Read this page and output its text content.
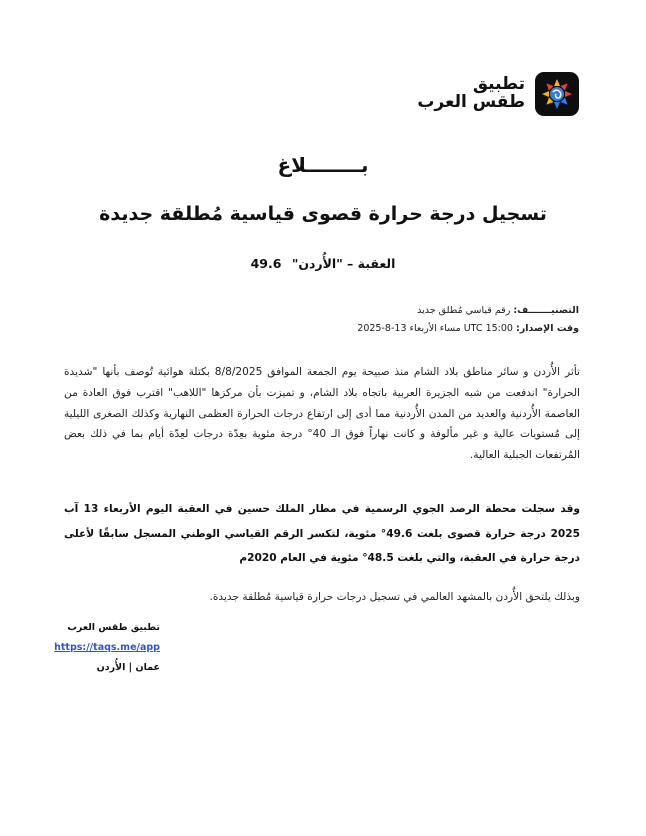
تطبيق
طقس العرب
بــــــــلاغ
تسجيل درجة حرارة قصوى قياسية مُطلقة جديدة
العقبة – "الأُردن" 49.6
التصنيـــــــف: رقم قياسي مُطلق جديد
وقت الإصدار: UTC 15:00 مساء الأربعاء 13-8-2025

تأثر الأُردن و سائر مناطق بلاد الشام منذ صبيحة يوم الجمعة الموافق 8/8/2025 بكتلة هوائية تُوصف بأنها "شديدة الحرارة" اندفعت من شبه الجزيرة العربية باتجاه بلاد الشام، و تميزت بأن مركزها "اللاهب" اقترب فوق العادة من العاصمة الأُردنية والعديد من المدن الأُردنية مما أدى إلى ارتفاع درجات الحرارة العظمى النهارية وكذلك الصغرى الليلية إلى مُستويات عالية و غير مألوفة و كانت نهاراً فوق الـ 40° درجة مئوية بعِدّة درجات لعِدّة أيام بما في ذلك بعض المُرتفعات الجبلية العالية.

وقد سجلت محطة الرصد الجوي الرسمية في مطار الملك حسين في العقبة اليوم الأربعاء 13 آب 2025 درجة حرارة قصوى بلغت 49.6° مئوية، لتكسر الرقم القياسي الوطني المسجل سابقًا لأعلى درجة حرارة في العقبة، والتي بلغت 48.5° مئوية في العام 2020م

وبذلك يلتحق الأُردن بالمشهد العالمي في تسجيل درجات حرارة قياسية مُطلقة جديدة.

تطبيق طقس العرب
https://taqs.me/app
عمان | الأُردن
